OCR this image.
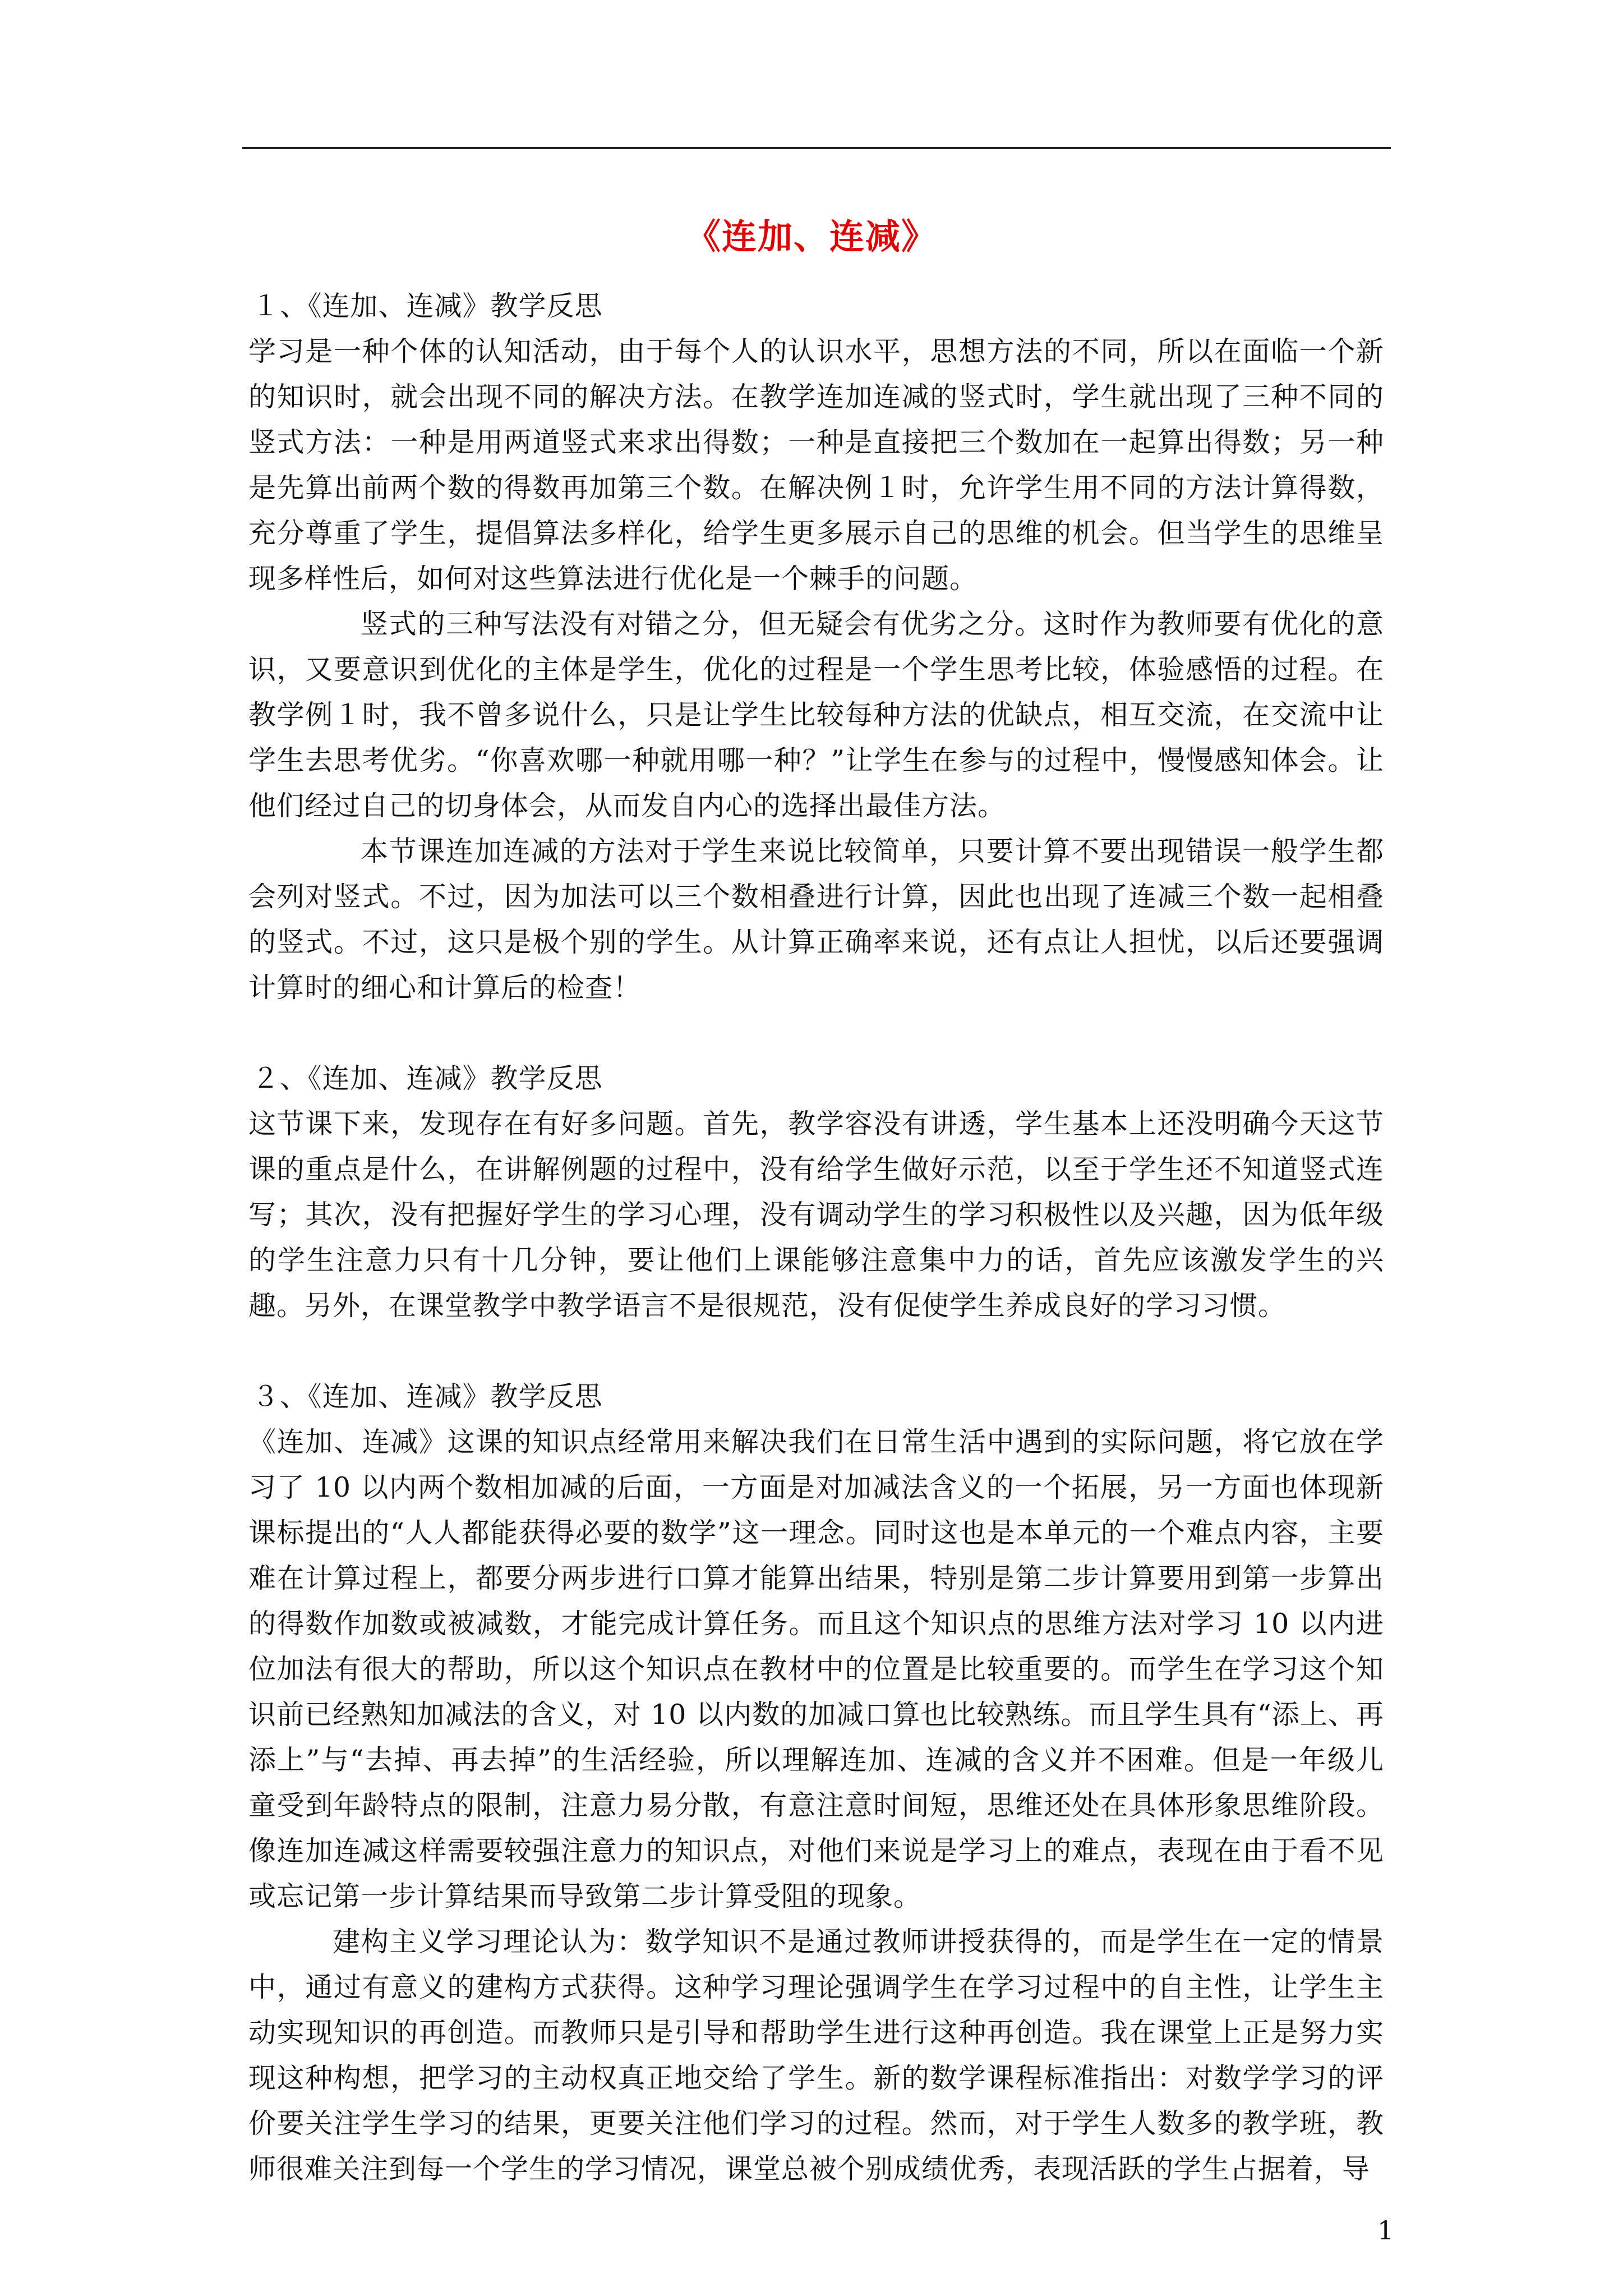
《连加、连减》

１、《连加、连减》教学反思

学习是一种个体的认知活动，由于每个人的认识水平，思想方法的不同，所以在面临一个新的知识时，就会出现不同的解决方法。在教学连加连减的竖式时，学生就出现了三种不同的竖式方法：一种是用两道竖式来求出得数；一种是直接把三个数加在一起算出得数；另一种是先算出前两个数的得数再加第三个数。在解决例１时，允许学生用不同的方法计算得数，充分尊重了学生，提倡算法多样化，给学生更多展示自己的思维的机会。但当学生的思维呈现多样性后，如何对这些算法进行优化是一个棘手的问题。

竖式的三种写法没有对错之分，但无疑会有优劣之分。这时作为教师要有优化的意识，又要意识到优化的主体是学生，优化的过程是一个学生思考比较，体验感悟的过程。在教学例１时，我不曾多说什么，只是让学生比较每种方法的优缺点，相互交流，在交流中让学生去思考优劣。“你喜欢哪一种就用哪一种？”让学生在参与的过程中，慢慢感知体会。让他们经过自己的切身体会，从而发自内心的选择出最佳方法。

本节课连加连减的方法对于学生来说比较简单，只要计算不要出现错误一般学生都会列对竖式。不过，因为加法可以三个数相叠进行计算，因此也出现了连减三个数一起相叠的竖式。不过，这只是极个别的学生。从计算正确率来说，还有点让人担忧，以后还要强调计算时的细心和计算后的检查！

２、《连加、连减》教学反思

这节课下来，发现存在有好多问题。首先，教学容没有讲透，学生基本上还没明确今天这节课的重点是什么，在讲解例题的过程中，没有给学生做好示范，以至于学生还不知道竖式连写；其次，没有把握好学生的学习心理，没有调动学生的学习积极性以及兴趣，因为低年级的学生注意力只有十几分钟，要让他们上课能够注意集中力的话，首先应该激发学生的兴趣。另外，在课堂教学中教学语言不是很规范，没有促使学生养成良好的学习习惯。

３、《连加、连减》教学反思

《连加、连减》这课的知识点经常用来解决我们在日常生活中遇到的实际问题，将它放在学习了 10 以内两个数相加减的后面，一方面是对加减法含义的一个拓展，另一方面也体现新课标提出的“人人都能获得必要的数学”这一理念。同时这也是本单元的一个难点内容，主要难在计算过程上，都要分两步进行口算才能算出结果，特别是第二步计算要用到第一步算出的得数作加数或被减数，才能完成计算任务。而且这个知识点的思维方法对学习 10 以内进位加法有很大的帮助，所以这个知识点在教材中的位置是比较重要的。而学生在学习这个知识前已经熟知加减法的含义，对 10 以内数的加减口算也比较熟练。而且学生具有“添上、再添上”与“去掉、再去掉”的生活经验，所以理解连加、连减的含义并不困难。但是一年级儿童受到年龄特点的限制，注意力易分散，有意注意时间短，思维还处在具体形象思维阶段。像连加连减这样需要较强注意力的知识点，对他们来说是学习上的难点，表现在由于看不见或忘记第一步计算结果而导致第二步计算受阻的现象。

建构主义学习理论认为：数学知识不是通过教师讲授获得的，而是学生在一定的情景中，通过有意义的建构方式获得。这种学习理论强调学生在学习过程中的自主性，让学生主动实现知识的再创造。而教师只是引导和帮助学生进行这种再创造。我在课堂上正是努力实现这种构想，把学习的主动权真正地交给了学生。新的数学课程标准指出：对数学学习的评价要关注学生学习的结果，更要关注他们学习的过程。然而，对于学生人数多的教学班，教师很难关注到每一个学生的学习情况，课堂总被个别成绩优秀，表现活跃的学生占据着，导

1
